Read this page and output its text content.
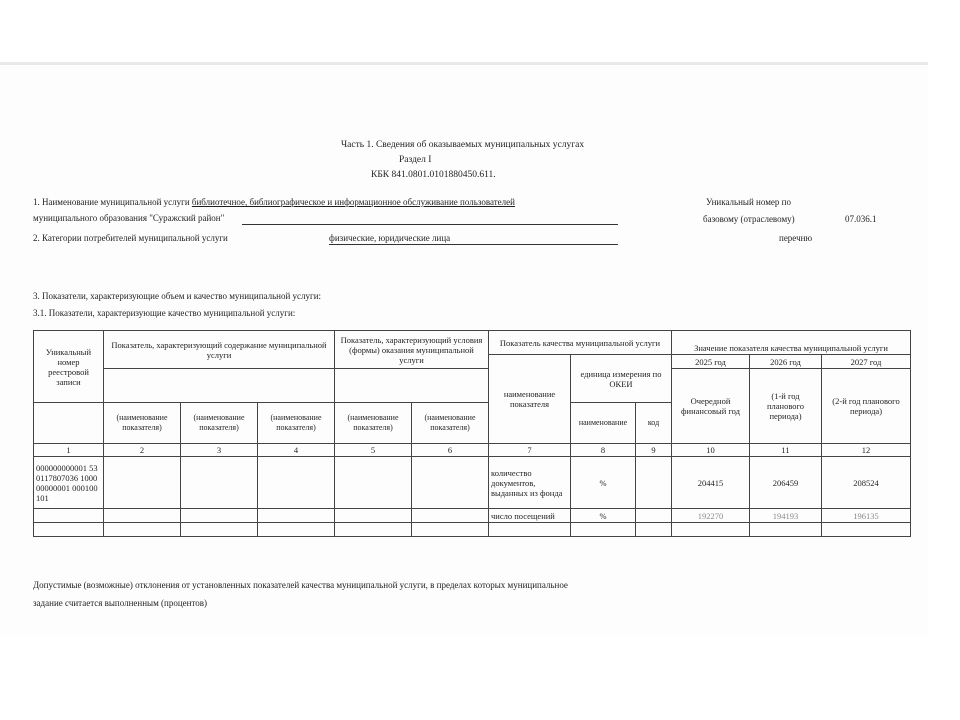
Часть 1. Сведения об оказываемых муниципальных услугах
Раздел I
КБК 841.0801.0101880450.611.
1. Наименование муниципальной услуги библиотечное, библиографическое и информационное обслуживание пользователей
муниципального образования "Суражский район"
Уникальный номер по
базовому (отраслевому)	07.036.1
перечню
2. Категории потребителей муниципальной услуги	физические, юридические лица
3. Показатели, характеризующие объем и качество муниципальной услуги:
3.1. Показатели, характеризующие качество муниципальной услуги:
Уникальный номер реестровой записи	Показатель, характеризующий содержание муниципальной услуги			Показатель, характеризующий условия (формы) оказания муниципальной услуги		Показатель качества муниципальной услуги			Значение показателя качества муниципальной услуги		
						наименование показателя	единица измерения по ОКЕИ		2025 год	2026 год	2027 год
									Очередной финансовый год	(1-й год планового периода)	(2-й год планового периода)
	(наименование показателя)	(наименование показателя)	(наименование показателя)	(наименование показателя)	(наименование показателя)		наименование	код			
1	2	3	4	5	6	7	8	9	10	11	12
000000000001 530117807036 100000000001 000100101						количество документов, выданных из фонда	%		204415	206459	208524
						число посещений	%		192270	194193	196135

Допустимые (возможные) отклонения от установленных показателей качества муниципальной услуги, в пределах которых муниципальное
задание считается выполненным (процентов)
